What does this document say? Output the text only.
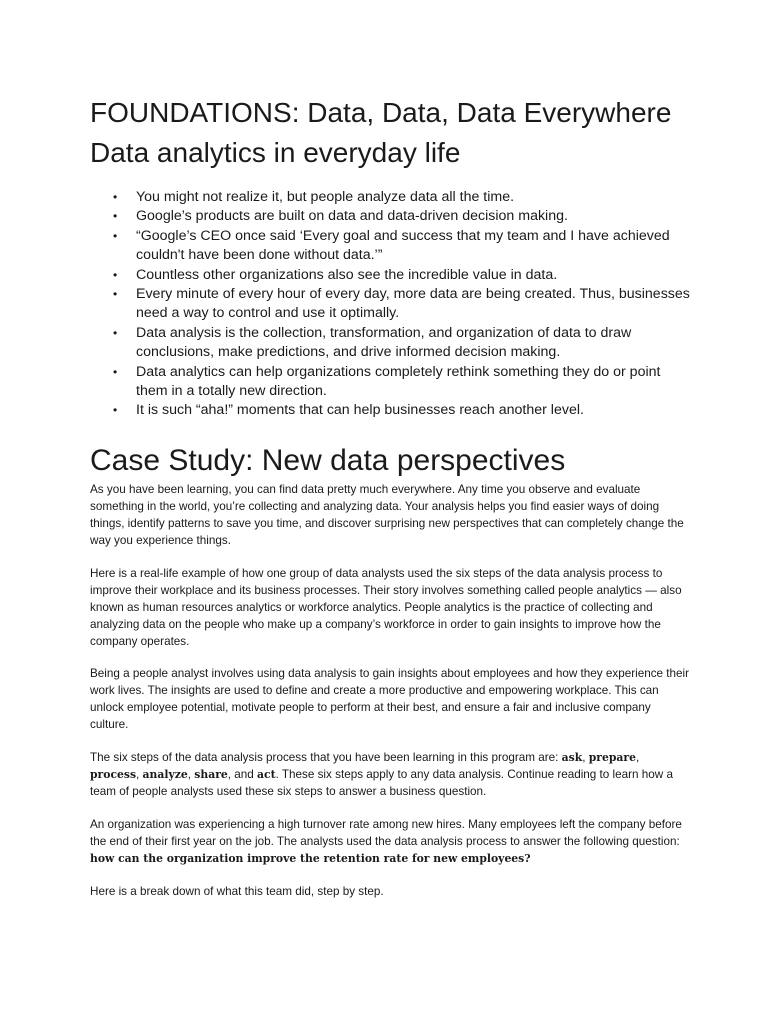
FOUNDATIONS: Data, Data, Data Everywhere
Data analytics in everyday life
• You might not realize it, but people analyze data all the time.
• Google’s products are built on data and data-driven decision making.
• “Google’s CEO once said ‘Every goal and success that my team and I have achieved couldn't have been done without data.’”
• Countless other organizations also see the incredible value in data.
• Every minute of every hour of every day, more data are being created. Thus, businesses need a way to control and use it optimally.
• Data analysis is the collection, transformation, and organization of data to draw conclusions, make predictions, and drive informed decision making.
• Data analytics can help organizations completely rethink something they do or point them in a totally new direction.
• It is such “aha!” moments that can help businesses reach another level.
Case Study: New data perspectives

As you have been learning, you can find data pretty much everywhere. Any time you observe and evaluate something in the world, you’re collecting and analyzing data. Your analysis helps you find easier ways of doing things, identify patterns to save you time, and discover surprising new perspectives that can completely change the way you experience things.

Here is a real-life example of how one group of data analysts used the six steps of the data analysis process to improve their workplace and its business processes. Their story involves something called people analytics — also known as human resources analytics or workforce analytics. People analytics is the practice of collecting and analyzing data on the people who make up a company’s workforce in order to gain insights to improve how the company operates.

Being a people analyst involves using data analysis to gain insights about employees and how they experience their work lives. The insights are used to define and create a more productive and empowering workplace. This can unlock employee potential, motivate people to perform at their best, and ensure a fair and inclusive company culture.

The six steps of the data analysis process that you have been learning in this program are: ask, prepare, process, analyze, share, and act. These six steps apply to any data analysis. Continue reading to learn how a team of people analysts used these six steps to answer a business question.

An organization was experiencing a high turnover rate among new hires. Many employees left the company before the end of their first year on the job. The analysts used the data analysis process to answer the following question: how can the organization improve the retention rate for new employees?

Here is a break down of what this team did, step by step.
